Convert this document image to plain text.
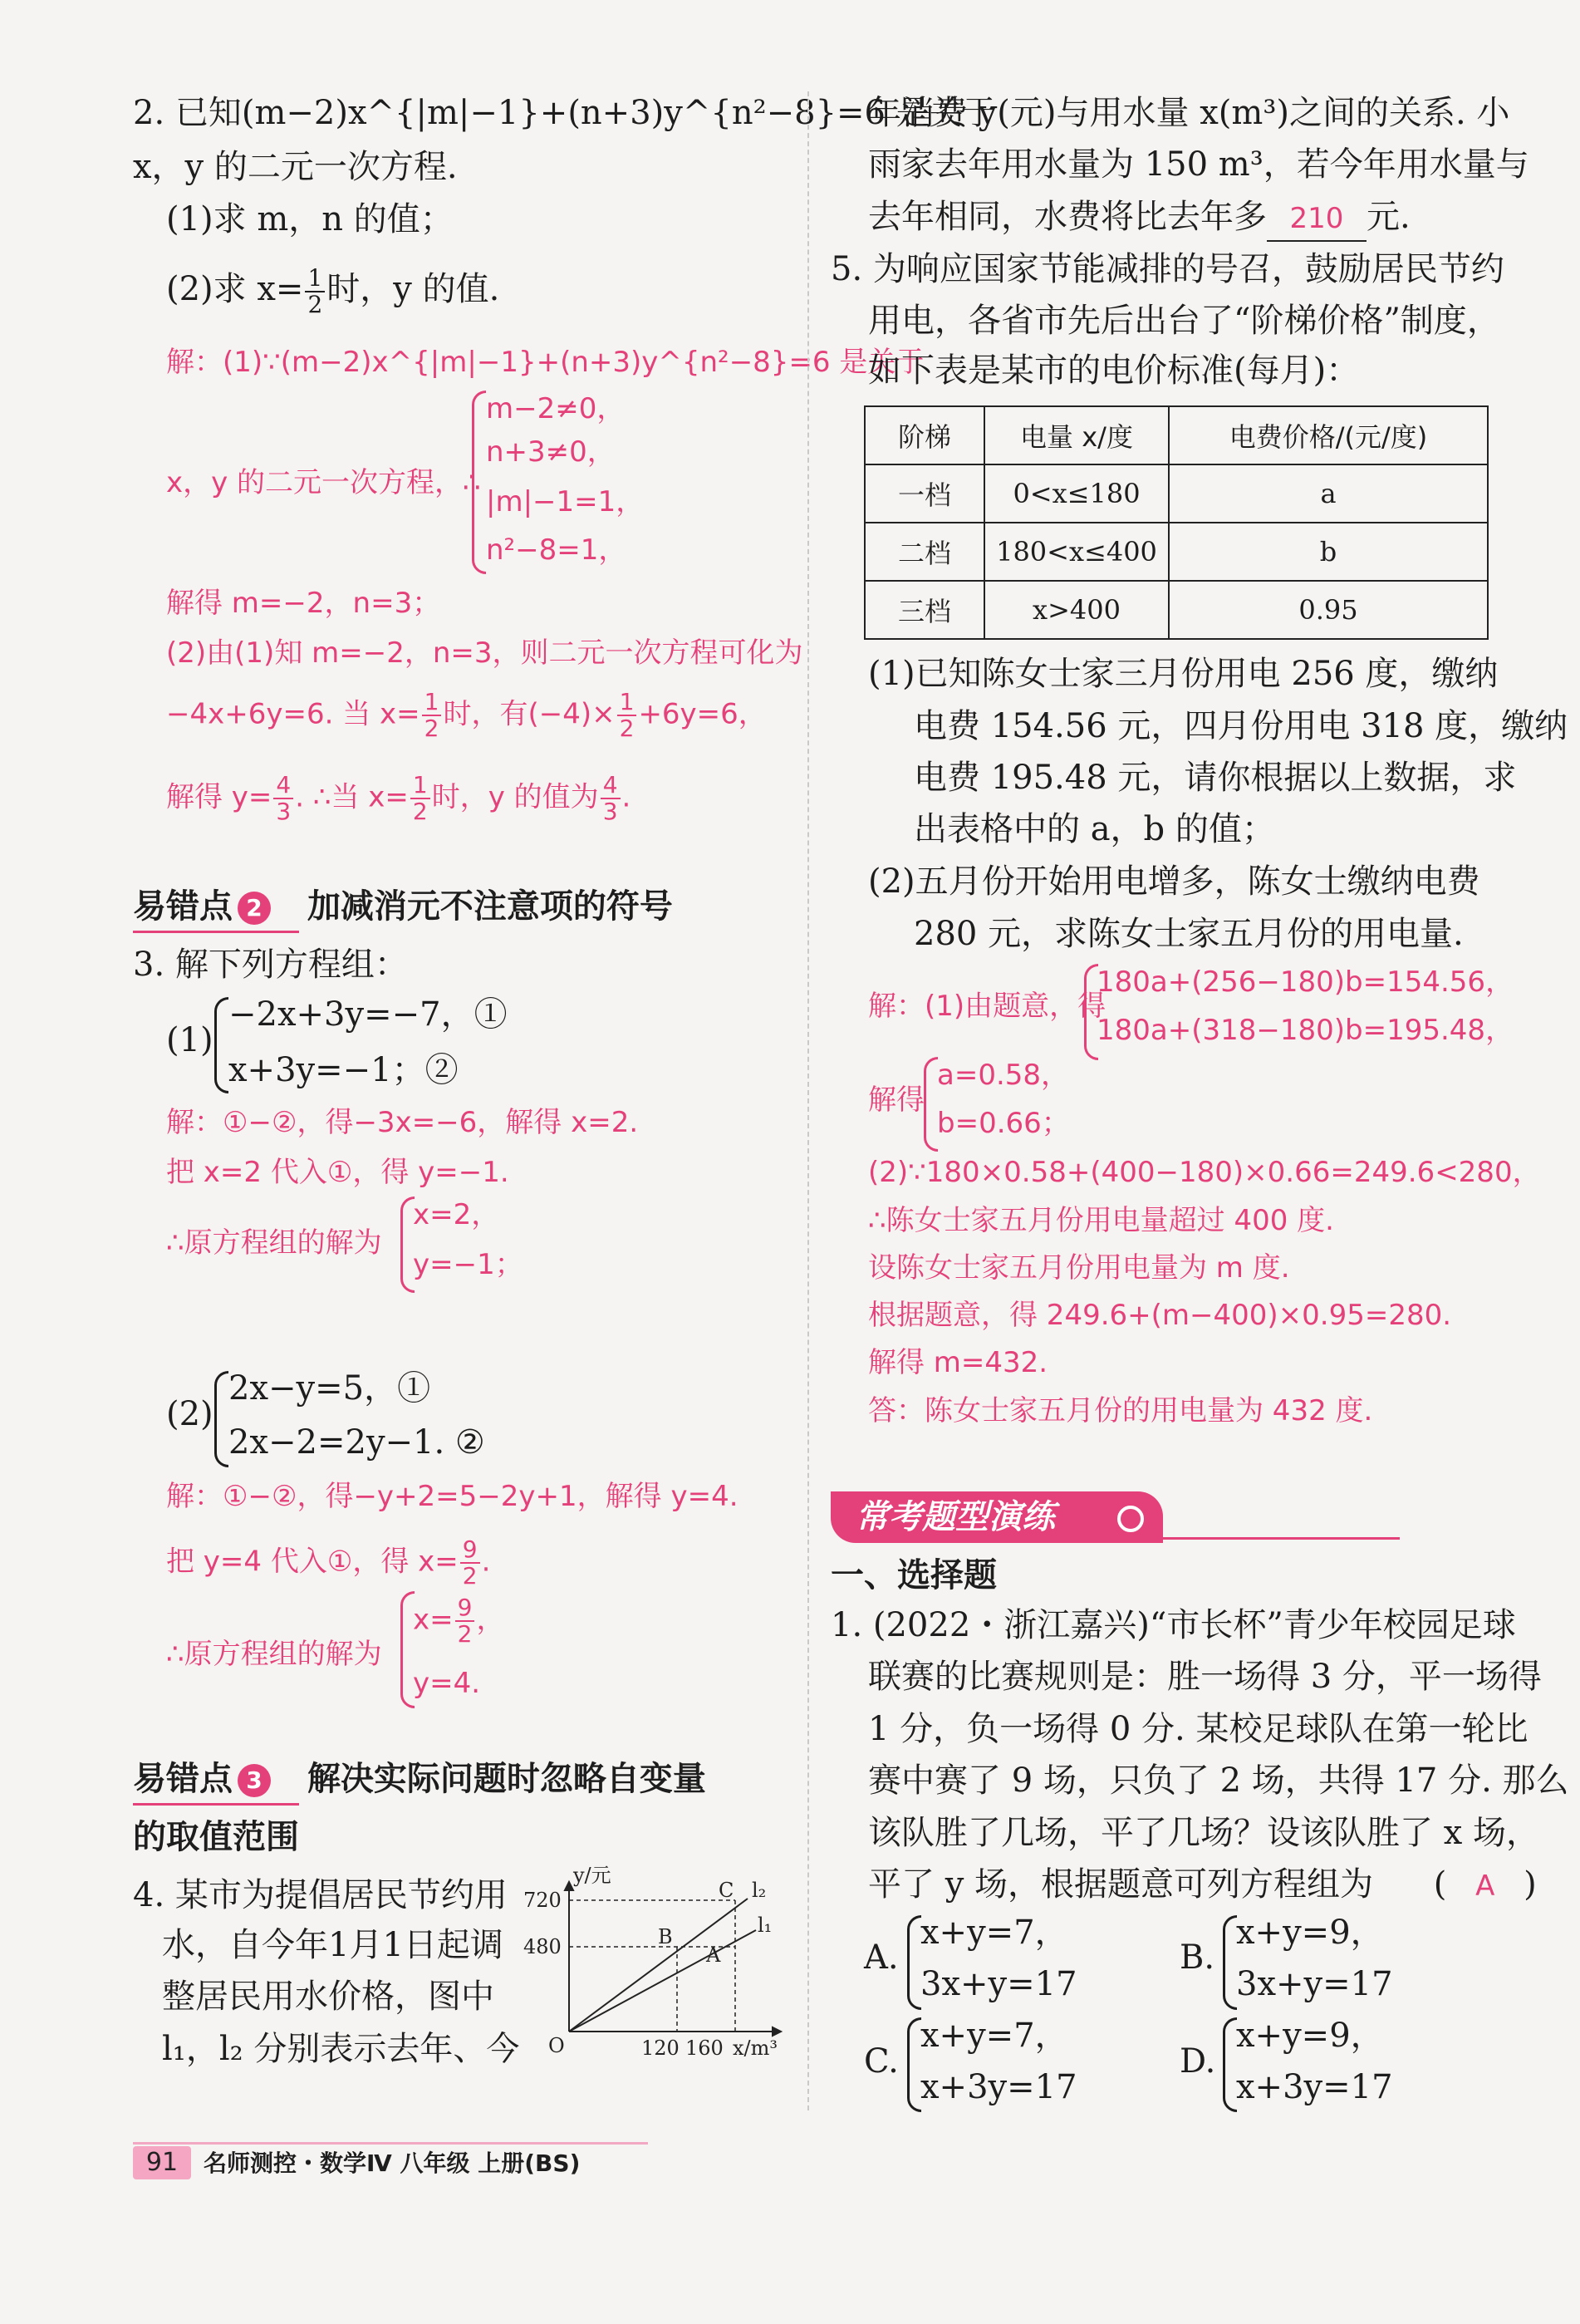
2. 已知(m−2)x^{|m|−1}+(n+3)y^{n²−8}=6 是关于
x，y 的二元一次方程.
(1)求 m，n 的值；
(2)求 $x= \frac{1}{2}$ 时，y 的值.
解：(1)∵(m−2)x^{|m|−1}+(n+3)y^{n²−8}=6 是关于
x，y 的二元一次方程，∴
m−2≠0，
n+3≠0，
|m|−1=1，
n²−8=1，
解得 m=−2，n=3；
(2)由(1)知 m=−2，n=3，则二元一次方程可化为
−4x+6y=6. 当 $x= \frac{1}{2}$ 时，有$(-4)\times \frac{1}{2} +6y=6$，
解得 $y= \frac{4}{3}$ . ∴当 $x= \frac{1}{2}$ 时，y 的值为 $\frac{4}{3}$ .
易错点 2 加减消元不注意项的符号
3. 解下列方程组：
(1)
−2x+3y=−7，①
x+3y=−1；②
解：①−②，得−3x=−6，解得 x=2.
把 x=2 代入①，得 y=−1.
∴原方程组的解为
x=2，
y=−1；
(2)
2x−y=5，①
2x−2=2y−1. ②
解：①−②，得−y+2=5−2y+1，解得 y=4.
把 y=4 代入①，得 $x= \frac{9}{2}$ .
∴原方程组的解为
$x= \frac{9}{2}$ ，
y=4.
易错点 3 解决实际问题时忽略自变量
的取值范围
4. 某市为提倡居民节约用
水，自今年1月1日起调
整居民用水价格，图中
l₁，l₂ 分别表示去年、今
y/元
720
480
O	120 160 x/m³
C
B
A
l₂
l₁
年消费 y(元)与用水量 x(m³)之间的关系. 小
雨家去年用水量为 150 m³，若今年用水量与
去年相同，水费将比去年多 210 元.
5. 为响应国家节能减排的号召，鼓励居民节约
用电，各省市先后出台了“阶梯价格”制度，
如下表是某市的电价标准(每月)：
阶梯	电量 x/度	电费价格/(元/度)
一档	0<x≤180	a
二档	180<x≤400	b
三档	x>400	0.95
(1)已知陈女士家三月份用电 256 度，缴纳
电费 154.56 元，四月份用电 318 度，缴纳
电费 195.48 元，请你根据以上数据，求
出表格中的 a，b 的值；
(2)五月份开始用电增多，陈女士缴纳电费
280 元，求陈女士家五月份的用电量.
解：(1)由题意，得
180a+(256−180)b=154.56，
180a+(318−180)b=195.48，
解得
a=0.58，
b=0.66；
(2)∵180×0.58+(400−180)×0.66=249.6<280，
∴陈女士家五月份用电量超过 400 度.
设陈女士家五月份用电量为 m 度.
根据题意，得 249.6+(m−400)×0.95=280.
解得 m=432.
答：陈女士家五月份的用电量为 432 度.
常考题型演练
一、选择题
1. (2022・浙江嘉兴)“市长杯”青少年校园足球
联赛的比赛规则是：胜一场得 3 分，平一场得
1 分，负一场得 0 分. 某校足球队在第一轮比
赛中赛了 9 场，只负了 2 场，共得 17 分. 那么
该队胜了几场，平了几场？设该队胜了 x 场，
平了 y 场，根据题意可列方程组为 ( A )
A.
x+y=7，
3x+y=17
B.
x+y=9，
3x+y=17
C.
x+y=7，
x+3y=17
D.
x+y=9，
x+3y=17
91	名师测控・数学Ⅳ 八年级 上册(BS)
